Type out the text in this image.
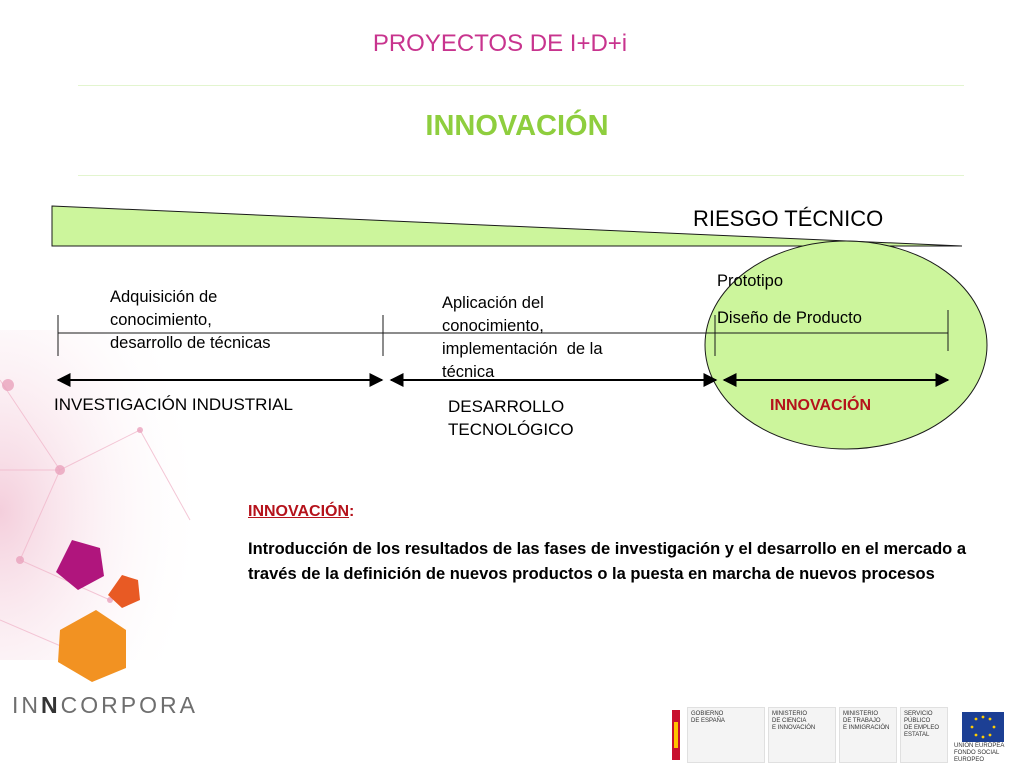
PROYECTOS DE I+D+i
INNOVACIÓN
RIESGO TÉCNICO
Adquisición de
conocimiento,
desarrollo de técnicas
Aplicación del
conocimiento,
implementación  de la
técnica
Prototipo
Diseño de Producto
INVESTIGACIÓN INDUSTRIAL	DESARROLLO
TECNOLÓGICO
INNOVACIÓN
INNOVACIÓN:
Introducción de los resultados de las fases de investigación y el desarrollo en el mercado a través de la definición de nuevos productos o la puesta en marcha de nuevos procesos
INNCORPORA	GOBIERNO
DE ESPAÑA
MINISTERIO
DE CIENCIA
E INNOVACIÓN
MINISTERIO
DE TRABAJO
E INMIGRACIÓN
SERVICIO PÚBLICO
DE EMPLEO ESTATAL
UNIÓN EUROPEA
FONDO SOCIAL EUROPEO
